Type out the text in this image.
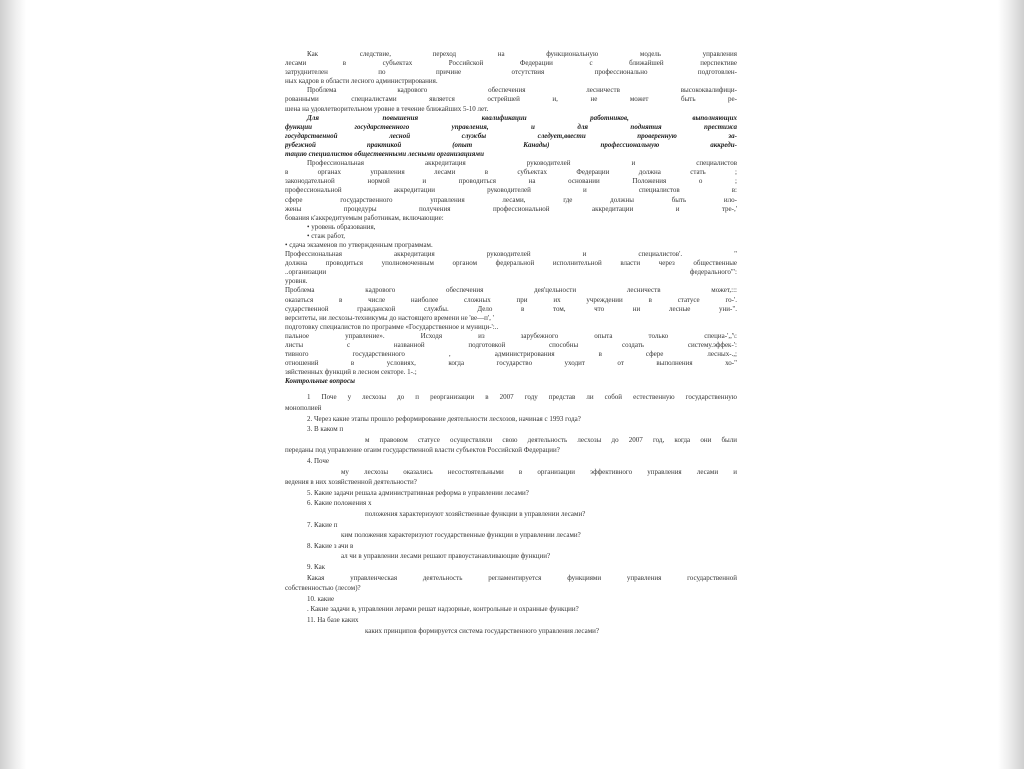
Как следствие, переход на функциональную модель управления
лесами в субъектах Российской Федерации с ближайшей перспективе
затруднителен по причине отсутствия профессионально подготовлен-
ных кадров в области лесного администрирования.
Проблема кадрового обеспечения лесничеств высококвалифици-
рованными специалистами является острейшей и, не может быть ре-
шена на удовлетворительном уровне в течение ближайших 5-10 лет.
Для повышения квалификации работников, выполняющих
функции государственного управления, и для поднятия престижа
государственной лесной службы следует,ввести проверенную за-
рубежной практикой (опыт Канады) профессиональную аккреди-
тацию специалистов общественными лесными организациями
Профессиональная аккредитация руководителей и специалистов
в органах управления лесами в субъектах Федерации должна стать ;
законодательной нормой и проводиться на основании Положения о ;
профессиональной аккредитации руководителей и специалистов в:
сфере государственного управления лесами, где должны быть ило-
жены процедуры получения профессиональной аккредитации и тре-,'
бования к'аккредитуемым работникам, включающие:
• уровень образования,
• стаж работ,
• сдача экзаменов по утвержденным программам.
Профессиональная аккредитация руководителей и специалистов'. "
должна проводиться уполномоченным органом федеральной исполнительной власти через общественные
..организации федерального'":
уровня.
Проблема кадрового обеспечения дея'цельности лесничеств может,:::
оказаться в числе наиболее сложных при их учреждении в статусе го-'.
сударственной гражданской службы. Дело в том, что ни лесные уни-".
верситеты, ни лесхозы-техникумы до настоящего времени не 'ве—п', '
подготовку специалистов по программе «Государственное и муници-':..
пальное управление». Исходя из зарубежного опыта только специа-',,'\:
листы с названной подготовкой способны создать систему.эффек-':
тивного государственного , администрирования в сфере лесных-.,;
отношений в условиях, когда государство уходит от выполнения хо-"
зяйственных функций в лесном секторе. 1-.;
Контрольные вопросы
1 Поче у лесхозы до п реорганизации в 2007 году представ ли собой естественную государственную
монополией
2. Через какие этапы прошло реформирование деятельности лесхозов, начиная с 1993 года?
3. В каком п
м правовом статусе осуществляли свою деятельность лесхозы до 2007 год, когда они были
переданы под управление огаим государственной власти субъектов Российской Федерации?
4. Поче
му лесхозы оказались несостоятельными в организации эффективного управления лесами и
ведения в них хозяйственной деятельности?
5. Какие задачи решала административная реформа в управлении лесами?
6. Какие положения х
положения характеризуют хозяйственные функции в управлении лесами?
7. Какие п
ким положения характеризуют государственные функции в управлении лесами?
8. Какие з ачи в
ал чи в управлении лесами решают правоустанавливающие функции?
9. Как
Какая управленческая деятельность регламентируется функциями управления государственной
собственностью (лесом)?
10. какие
. Какие задачи в, управлении лерами решат надзорные, контрольные и охранные функции?
11. На базе каких
каких принципов формируется система государственного управления лесами?
